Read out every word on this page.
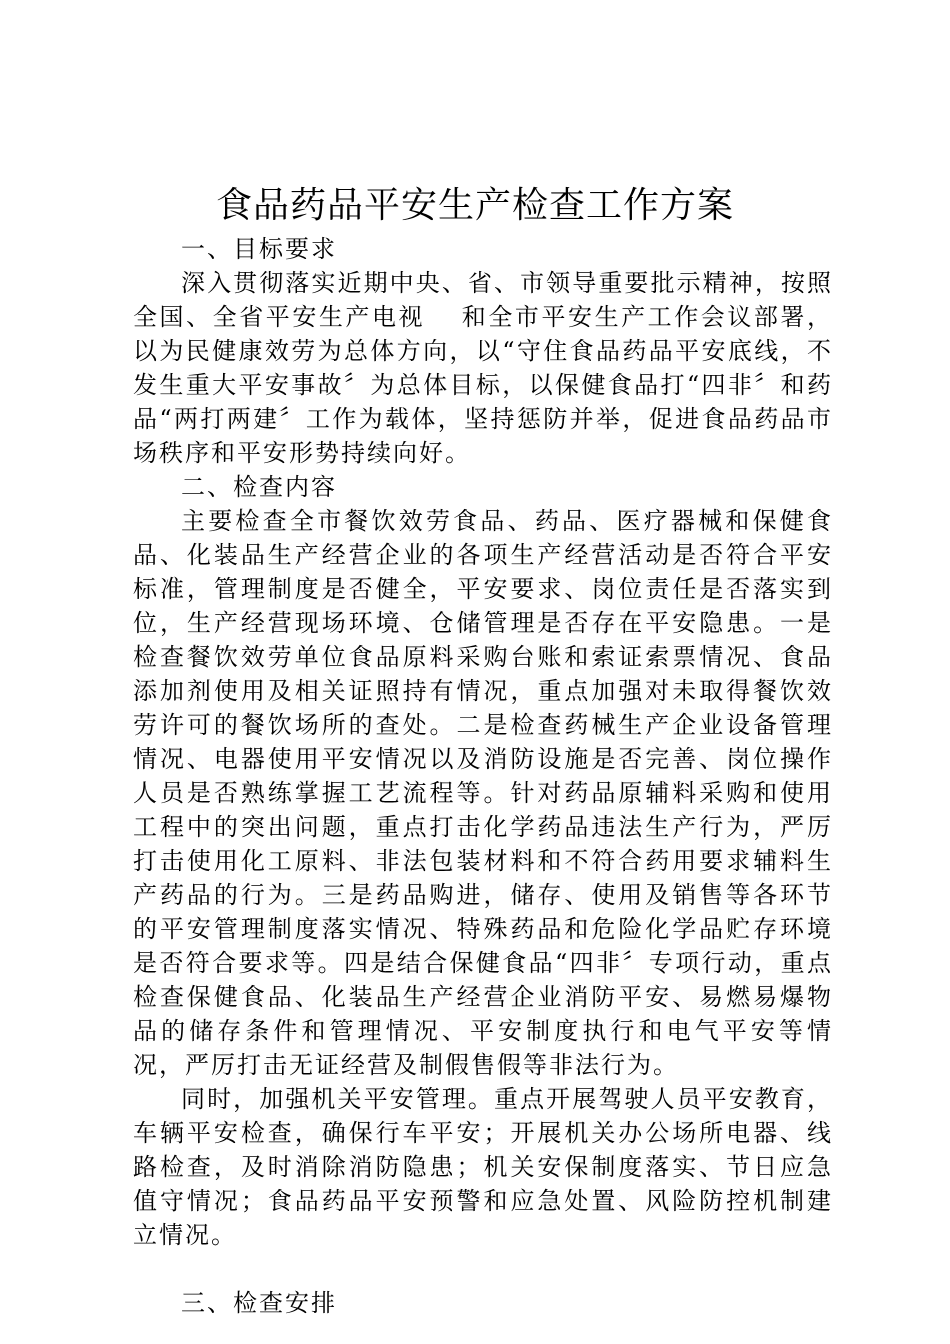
食品药品平安生产检查工作方案
一、目标要求

深入贯彻落实近期中央、省、市领导重要批示精神，按照全国、全省平安生产电视　 和全市平安生产工作会议部署，以为民健康效劳为总体方向，以“守住食品药品平安底线，不发生重大平安事故〞为总体目标，以保健食品打“四非〞和药品“两打两建〞工作为载体，坚持惩防并举，促进食品药品市场秩序和平安形势持续向好。

二、检查内容

主要检查全市餐饮效劳食品、药品、医疗器械和保健食品、化装品生产经营企业的各项生产经营活动是否符合平安标准，管理制度是否健全，平安要求、岗位责任是否落实到位，生产经营现场环境、仓储管理是否存在平安隐患。一是检查餐饮效劳单位食品原料采购台账和索证索票情况、食品添加剂使用及相关证照持有情况，重点加强对未取得餐饮效劳许可的餐饮场所的查处。二是检查药械生产企业设备管理情况、电器使用平安情况以及消防设施是否完善、岗位操作人员是否熟练掌握工艺流程等。针对药品原辅料采购和使用工程中的突出问题，重点打击化学药品违法生产行为，严厉打击使用化工原料、非法包装材料和不符合药用要求辅料生产药品的行为。三是药品购进，储存、使用及销售等各环节的平安管理制度落实情况、特殊药品和危险化学品贮存环境是否符合要求等。四是结合保健食品“四非〞专项行动，重点检查保健食品、化装品生产经营企业消防平安、易燃易爆物品的储存条件和管理情况、平安制度执行和电气平安等情况，严厉打击无证经营及制假售假等非法行为。

同时，加强机关平安管理。重点开展驾驶人员平安教育，车辆平安检查，确保行车平安；开展机关办公场所电器、线路检查，及时消除消防隐患；机关安保制度落实、节日应急值守情况；食品药品平安预警和应急处置、风险防控机制建立情况。

三、检查安排
